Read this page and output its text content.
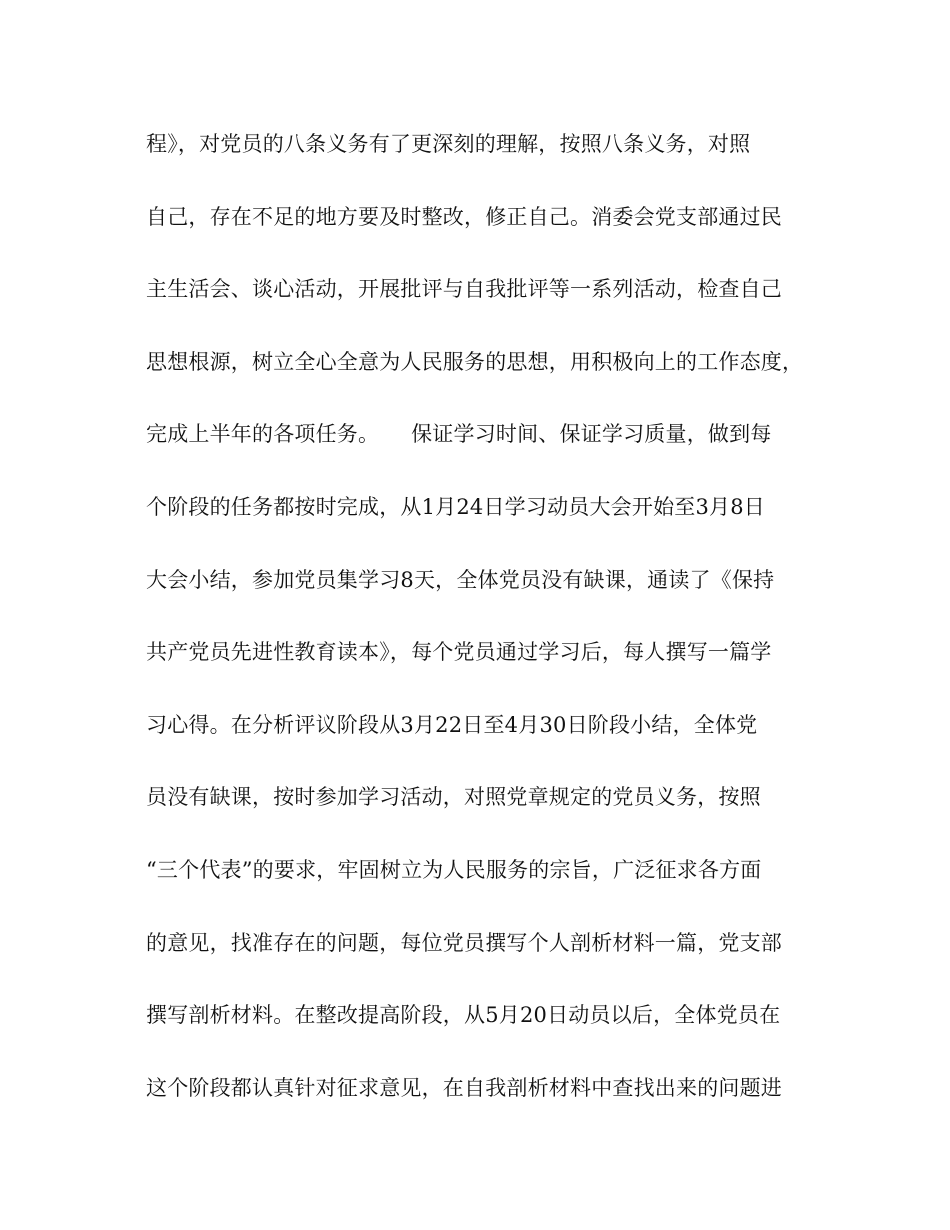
程》，对党员的八条义务有了更深刻的理解，按照八条义务，对照
自己，存在不足的地方要及时整改，修正自己。消委会党支部通过民
主生活会、谈心活动，开展批评与自我批评等一系列活动，检查自己
思想根源，树立全心全意为人民服务的思想，用积极向上的工作态度，
完成上半年的各项任务。　　保证学习时间、保证学习质量，做到每
个阶段的任务都按时完成，从1月24日学习动员大会开始至3月8日
大会小结，参加党员集学习8天，全体党员没有缺课，通读了《保持
共产党员先进性教育读本》，每个党员通过学习后，每人撰写一篇学
习心得。在分析评议阶段从3月22日至4月30日阶段小结，全体党
员没有缺课，按时参加学习活动，对照党章规定的党员义务，按照
“三个代表”的要求，牢固树立为人民服务的宗旨，广泛征求各方面
的意见，找准存在的问题，每位党员撰写个人剖析材料一篇，党支部
撰写剖析材料。在整改提高阶段，从5月20日动员以后，全体党员在
这个阶段都认真针对征求意见，在自我剖析材料中查找出来的问题进
